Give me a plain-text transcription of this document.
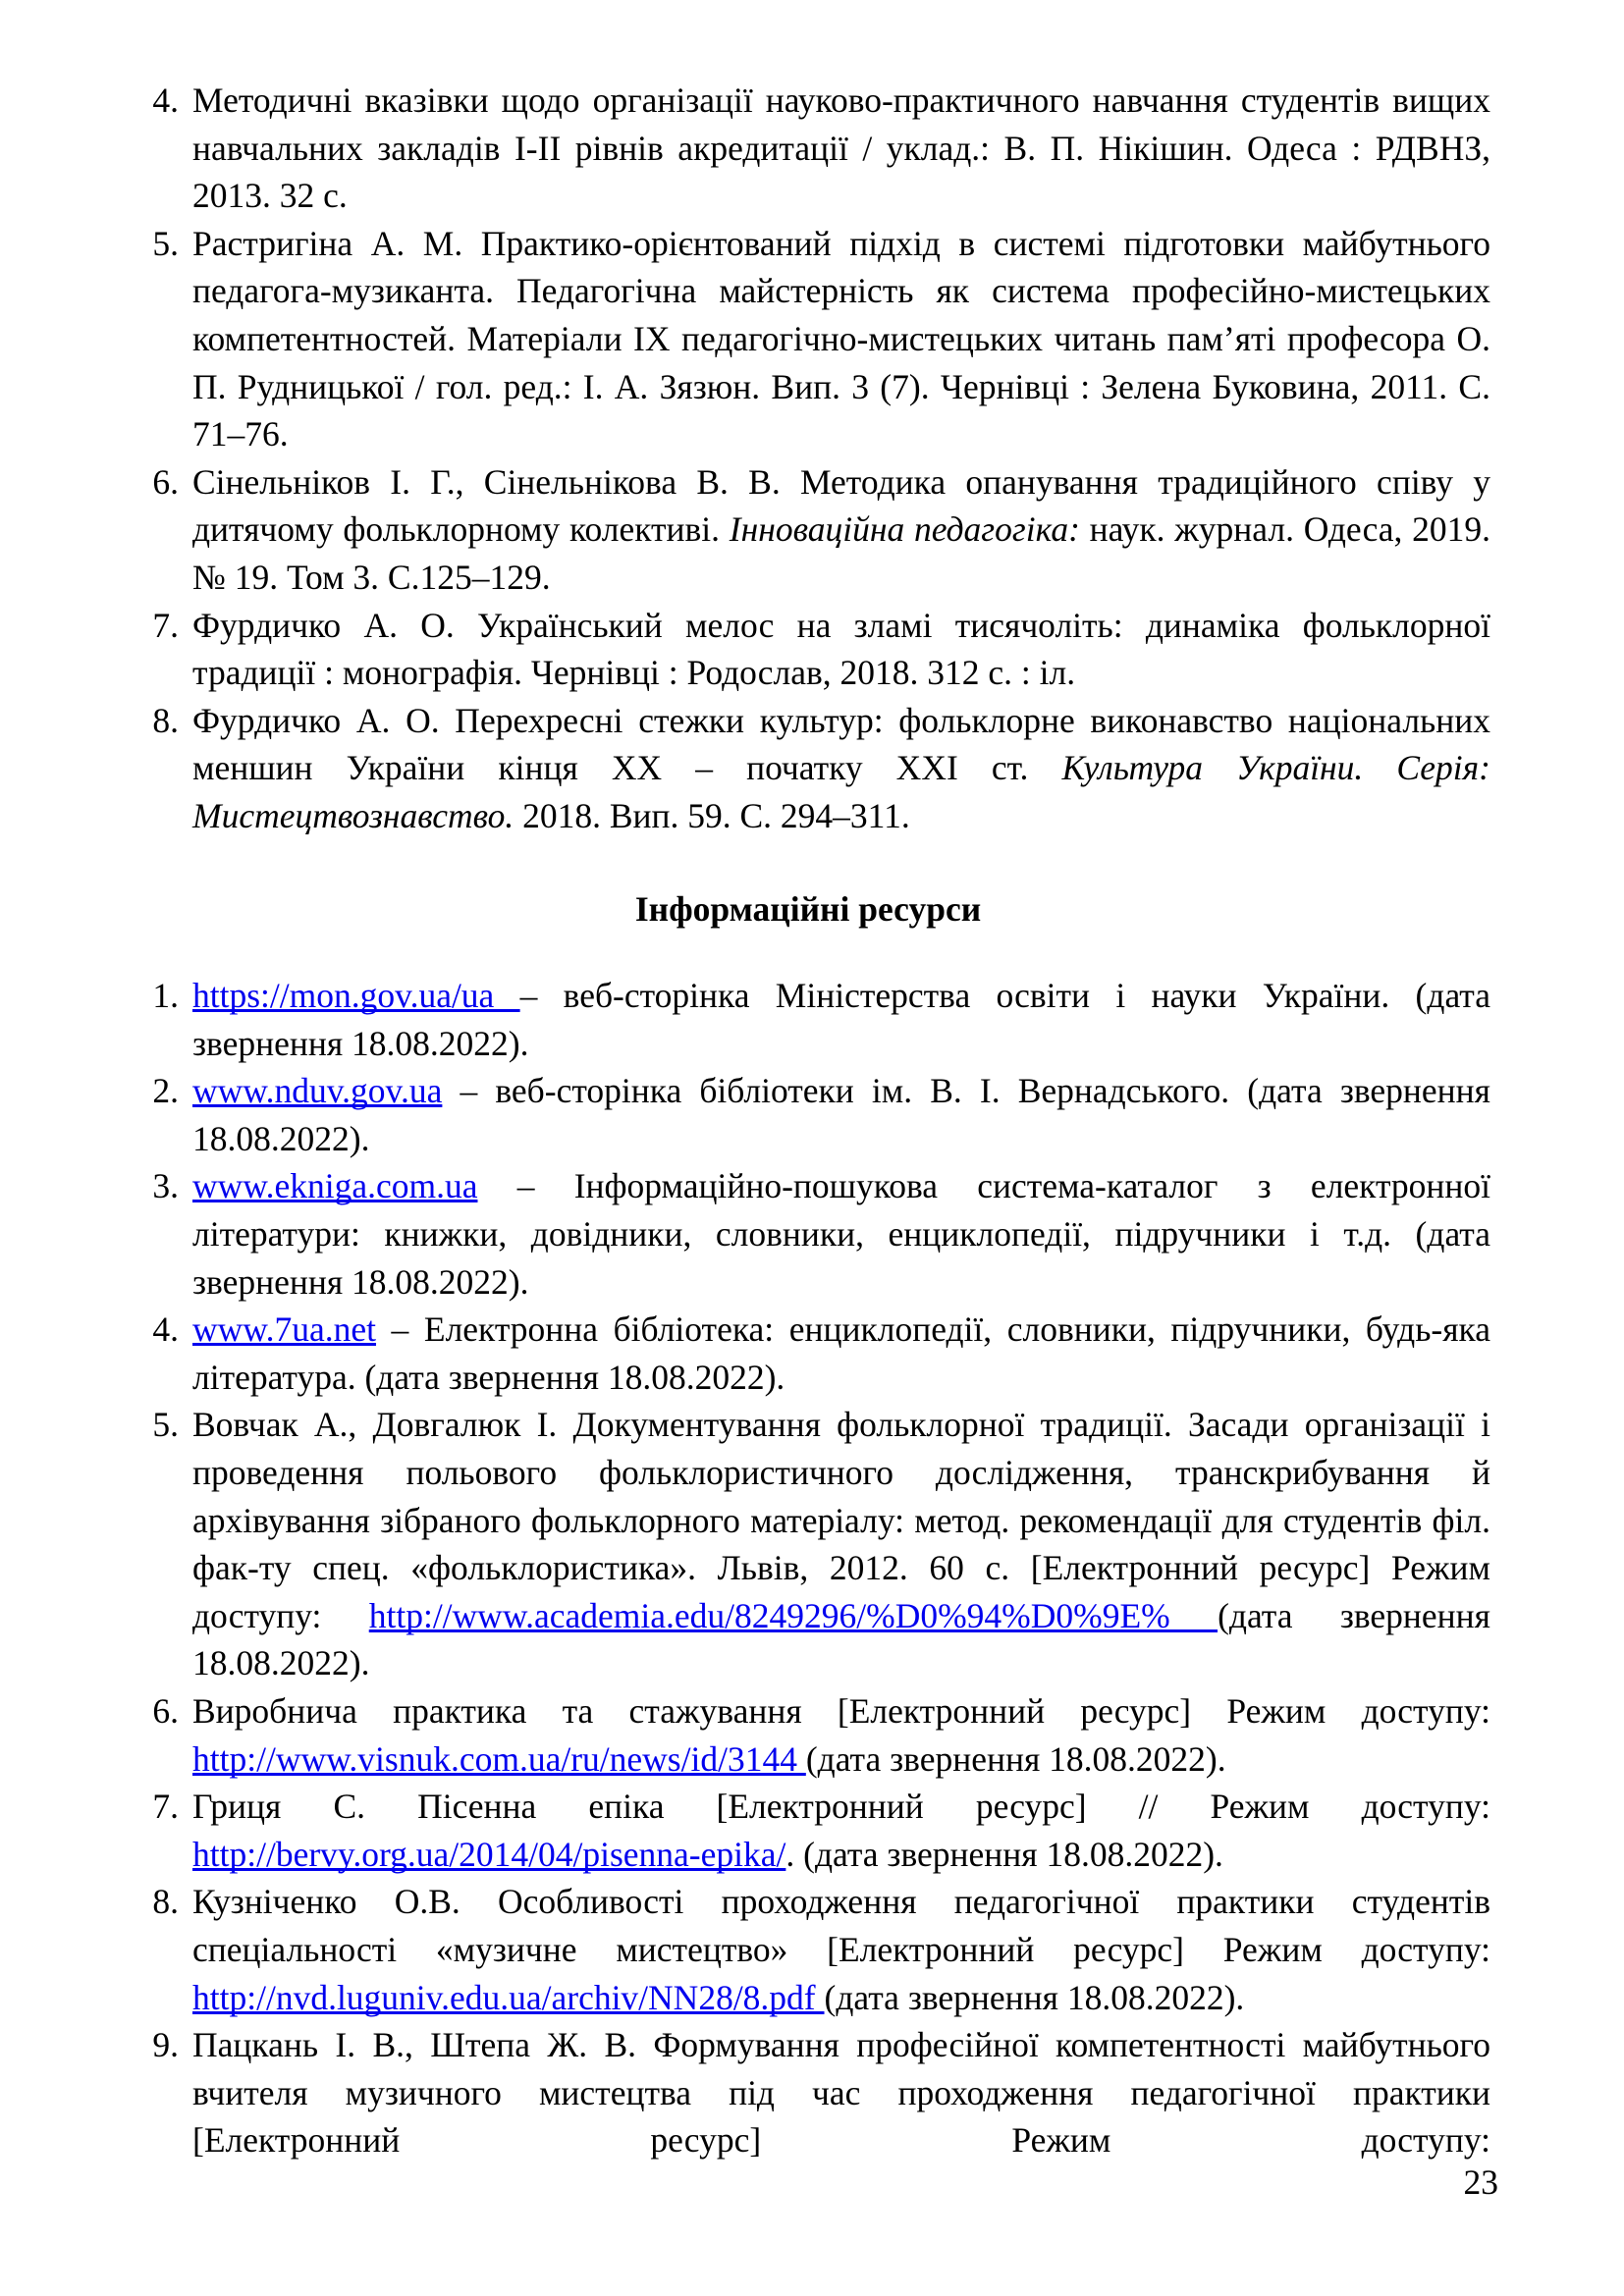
4. Методичні вказівки щодо організації науково-практичного навчання студентів вищих навчальних закладів І-ІІ рівнів акредитації / уклад.: В. П. Нікішин. Одеса : РДВНЗ, 2013. 32 с.
5. Растригіна А. М. Практико-орієнтований підхід в системі підготовки майбутнього педагога-музиканта. Педагогічна майстерність як система професійно-мистецьких компетентностей. Матеріали ІХ педагогічно-мистецьких читань пам’яті професора О. П. Рудницької / гол. ред.: І. А. Зязюн. Вип. 3 (7). Чернівці : Зелена Буковина, 2011. С. 71–76.
6. Сінельніков І. Г., Сінельнікова В. В. Методика опанування традиційного співу у дитячому фольклорному колективі. Інноваційна педагогіка: наук. журнал. Одеса, 2019. № 19. Том 3. С.125–129.
7. Фурдичко А. О. Український мелос на зламі тисячоліть: динаміка фольклорної традиції : монографія. Чернівці : Родослав, 2018. 312 с. : іл.
8. Фурдичко А. О. Перехресні стежки культур: фольклорне виконавство національних меншин України кінця ХХ – початку ХХІ ст. Культура України. Серія: Мистецтвознавство. 2018. Вип. 59. С. 294–311.
Інформаційні ресурси
1. https://mon.gov.ua/ua – веб-сторінка Міністерства освіти і науки України. (дата звернення 18.08.2022).
2. www.nduv.gov.ua – веб-сторінка бібліотеки ім. В. І. Вернадського. (дата звернення 18.08.2022).
3. www.ekniga.com.ua – Інформаційно-пошукова система-каталог з електронної літератури: книжки, довідники, словники, енциклопедії, підручники і т.д. (дата звернення 18.08.2022).
4. www.7ua.net – Електронна бібліотека: енциклопедії, словники, підручники, будь-яка література. (дата звернення 18.08.2022).
5. Вовчак А., Довгалюк І. Документування фольклорної традиції. Засади організації і проведення польового фольклористичного дослідження, транскрибування й архівування зібраного фольклорного матеріалу: метод. рекомендації для студентів філ. фак-ту спец. «фольклористика». Львів, 2012. 60 с. [Електронний ресурс] Режим доступу: http://www.academia.edu/8249296/%D0%94%D0%9E% (дата звернення 18.08.2022).
6. Виробнича практика та стажування [Електронний ресурс] Режим доступу: http://www.visnuk.com.ua/ru/news/id/3144 (дата звернення 18.08.2022).
7. Гриця С. Пісенна епіка [Електронний ресурс] // Режим доступу: http://bervy.org.ua/2014/04/pisenna-epika/. (дата звернення 18.08.2022).
8. Кузніченко О.В. Особливості проходження педагогічної практики студентів спеціальності «музичне мистецтво» [Електронний ресурс] Режим доступу: http://nvd.luguniv.edu.ua/archiv/NN28/8.pdf (дата звернення 18.08.2022).
9. Пацкань І. В., Штепа Ж. В. Формування професійної компетентності майбутнього вчителя музичного мистецтва під час проходження педагогічної практики [Електронний ресурс] Режим доступу:
23
